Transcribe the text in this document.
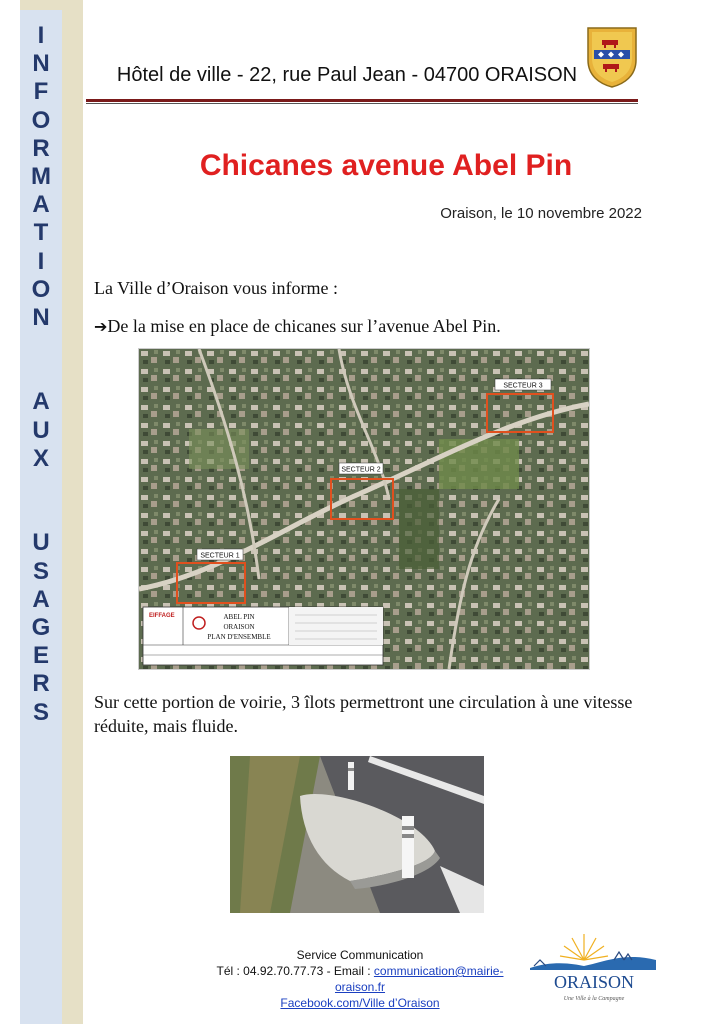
I
N
F
O
R
M
A
T
I
O
N
A
U
X
U
S
A
G
E
R
S
Hôtel de ville - 22, rue Paul Jean - 04700 ORAISON
Chicanes avenue Abel Pin
Oraison, le 10 novembre 2022
La Ville d’Oraison vous informe :
➔De la mise en place de chicanes sur l’avenue Abel Pin.
SECTEUR 3
SECTEUR 2
SECTEUR 1
EIFFAGE	ABEL PIN
ORAISON
PLAN D'ENSEMBLE
Sur cette portion de voirie, 3 îlots permettront une circulation à une vitesse réduite, mais fluide.
Service Communication
Tél : 04.92.70.77.73 - Email : communication@mairie-oraison.fr
Facebook.com/Ville d’Oraison
ORAISON
Une Ville à la Campagne
